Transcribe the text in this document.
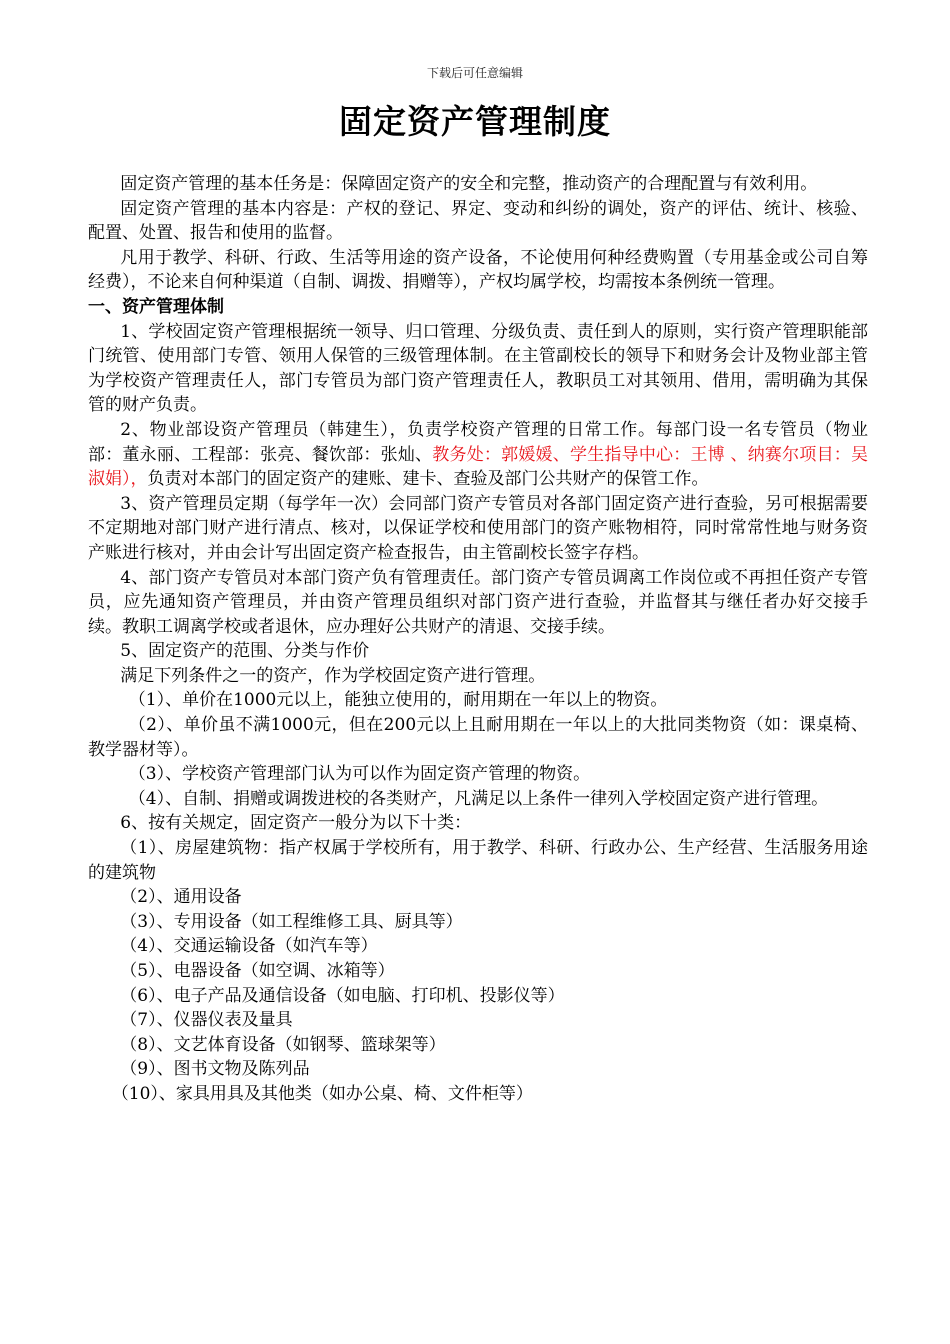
下载后可任意编辑
固定资产管理制度

固定资产管理的基本任务是：保障固定资产的安全和完整，推动资产的合理配置与有效利用。

固定资产管理的基本内容是：产权的登记、界定、变动和纠纷的调处，资产的评估、统计、核验、配置、处置、报告和使用的监督。

凡用于教学、科研、行政、生活等用途的资产设备，不论使用何种经费购置（专用基金或公司自筹经费），不论来自何种渠道（自制、调拨、捐赠等），产权均属学校，均需按本条例统一管理。

一、资产管理体制

1、学校固定资产管理根据统一领导、归口管理、分级负责、责任到人的原则，实行资产管理职能部门统管、使用部门专管、领用人保管的三级管理体制。在主管副校长的领导下和财务会计及物业部主管为学校资产管理责任人，部门专管员为部门资产管理责任人，教职员工对其领用、借用，需明确为其保管的财产负责。

2、物业部设资产管理员（韩建生），负责学校资产管理的日常工作。每部门设一名专管员（物业部：董永丽、工程部：张亮、餐饮部：张灿、教务处：郭媛媛、学生指导中心：王博 、纳赛尔项目：吴淑娟），负责对本部门的固定资产的建账、建卡、查验及部门公共财产的保管工作。

3、资产管理员定期（每学年一次）会同部门资产专管员对各部门固定资产进行查验，另可根据需要不定期地对部门财产进行清点、核对，以保证学校和使用部门的资产账物相符，同时常常性地与财务资产账进行核对，并由会计写出固定资产检查报告，由主管副校长签字存档。

4、部门资产专管员对本部门资产负有管理责任。部门资产专管员调离工作岗位或不再担任资产专管员，应先通知资产管理员，并由资产管理员组织对部门资产进行查验，并监督其与继任者办好交接手续。教职工调离学校或者退休，应办理好公共财产的清退、交接手续。

5、固定资产的范围、分类与作价

满足下列条件之一的资产，作为学校固定资产进行管理。

（1）、单价在1000元以上，能独立使用的，耐用期在一年以上的物资。

（2）、单价虽不满1000元，但在200元以上且耐用期在一年以上的大批同类物资（如：课桌椅、教学器材等）。

（3）、学校资产管理部门认为可以作为固定资产管理的物资。

（4）、自制、捐赠或调拨进校的各类财产，凡满足以上条件一律列入学校固定资产进行管理。

6、按有关规定，固定资产一般分为以下十类：

（1）、房屋建筑物：指产权属于学校所有，用于教学、科研、行政办公、生产经营、生活服务用途的建筑物

（2）、通用设备

（3）、专用设备（如工程维修工具、厨具等）

（4）、交通运输设备（如汽车等）

（5）、电器设备（如空调、冰箱等）

（6）、电子产品及通信设备（如电脑、打印机、投影仪等）

（7）、仪器仪表及量具

（8）、文艺体育设备（如钢琴、篮球架等）

（9）、图书文物及陈列品

（10）、家具用具及其他类（如办公桌、椅、文件柜等）
